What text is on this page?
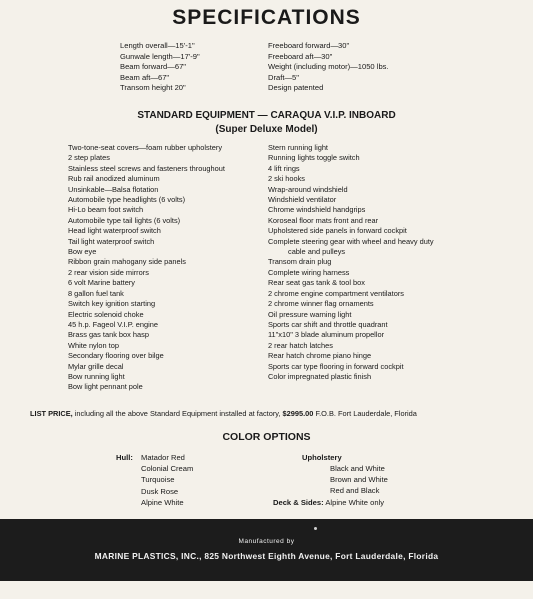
SPECIFICATIONS
Length overall—15'-1"
Gunwale length—17'-9"
Beam forward—67"
Beam aft—67"
Transom height 20"
Freeboard forward—30"
Freeboard aft—30"
Weight (including motor)—1050 lbs.
Draft—5"
Design patented
STANDARD EQUIPMENT — CARAQUA V.I.P. INBOARD
(Super Deluxe Model)
Two-tone-seat covers—foam rubber upholstery
2 step plates
Stainless steel screws and fasteners throughout
Rub rail anodized aluminum
Unsinkable—Balsa flotation
Automobile type headlights (6 volts)
Hi-Lo beam foot switch
Automobile type tail lights (6 volts)
Head light waterproof switch
Tail light waterproof switch
Bow eye
Ribbon grain mahogany side panels
2 rear vision side mirrors
6 volt Marine battery
8 gallon fuel tank
Switch key ignition starting
Electric solenoid choke
45 h.p. Fageol V.I.P. engine
Brass gas tank box hasp
White nylon top
Secondary flooring over bilge
Mylar grille decal
Bow running light
Bow light pennant pole
Stern running light
Running lights toggle switch
4 lift rings
2 ski hooks
Wrap-around windshield
Windshield ventilator
Chrome windshield handgrips
Koroseal floor mats front and rear
Upholstered side panels in forward cockpit
Complete steering gear with wheel and heavy duty
cable and pulleys
Transom drain plug
Complete wiring harness
Rear seat gas tank & tool box
2 chrome engine compartment ventilators
2 chrome winner flag ornaments
Oil pressure warning light
Sports car shift and throttle quadrant
11"x10" 3 blade aluminum propellor
2 rear hatch latches
Rear hatch chrome piano hinge
Sports car type flooring in forward cockpit
Color impregnated plastic finish
LIST PRICE, including all the above Standard Equipment installed at factory, $2995.00 F.O.B. Fort Lauderdale, Florida
COLOR OPTIONS
Hull: Matador Red
Colonial Cream
Turquoise
Dusk Rose
Alpine White
Upholstery
Black and White
Brown and White
Red and Black
Deck & Sides: Alpine White only
Manufactured by
MARINE PLASTICS, INC., 825 Northwest Eighth Avenue, Fort Lauderdale, Florida
